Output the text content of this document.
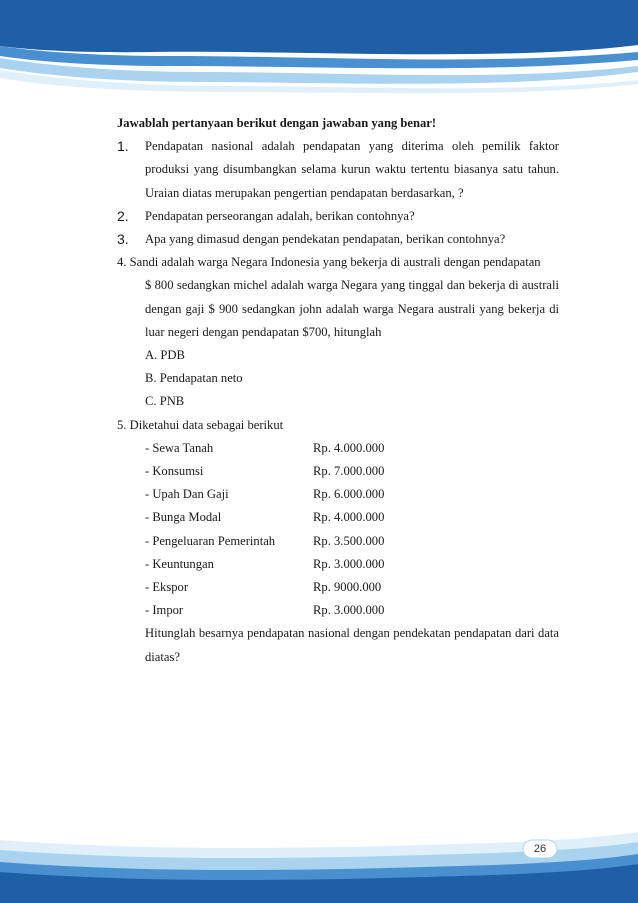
Jawablah pertanyaan berikut dengan jawaban yang benar!
1.	Pendapatan nasional adalah pendapatan yang diterima oleh pemilik faktor produksi yang disumbangkan selama kurun waktu tertentu biasanya satu tahun. Uraian diatas merupakan pengertian pendapatan berdasarkan, ?
2.	Pendapatan perseorangan adalah, berikan contohnya?
3.	Apa yang dimasud dengan pendekatan pendapatan, berikan contohnya?
4. Sandi adalah warga Negara Indonesia yang bekerja di australi dengan pendapatan
$ 800 sedangkan michel adalah warga Negara yang tinggal dan bekerja di australi dengan gaji $ 900 sedangkan john adalah warga Negara australi yang bekerja di luar negeri dengan pendapatan $700, hitunglah
A. PDB
B. Pendapatan neto
C. PNB
5. Diketahui data sebagai berikut
- Sewa Tanah	Rp. 4.000.000
- Konsumsi	Rp. 7.000.000
- Upah Dan Gaji	Rp. 6.000.000
- Bunga Modal	Rp. 4.000.000
- Pengeluaran Pemerintah	Rp. 3.500.000
- Keuntungan	Rp. 3.000.000
- Ekspor	Rp. 9000.000
- Impor	Rp. 3.000.000
Hitunglah besarnya pendapatan nasional dengan pendekatan pendapatan dari data diatas?
26
